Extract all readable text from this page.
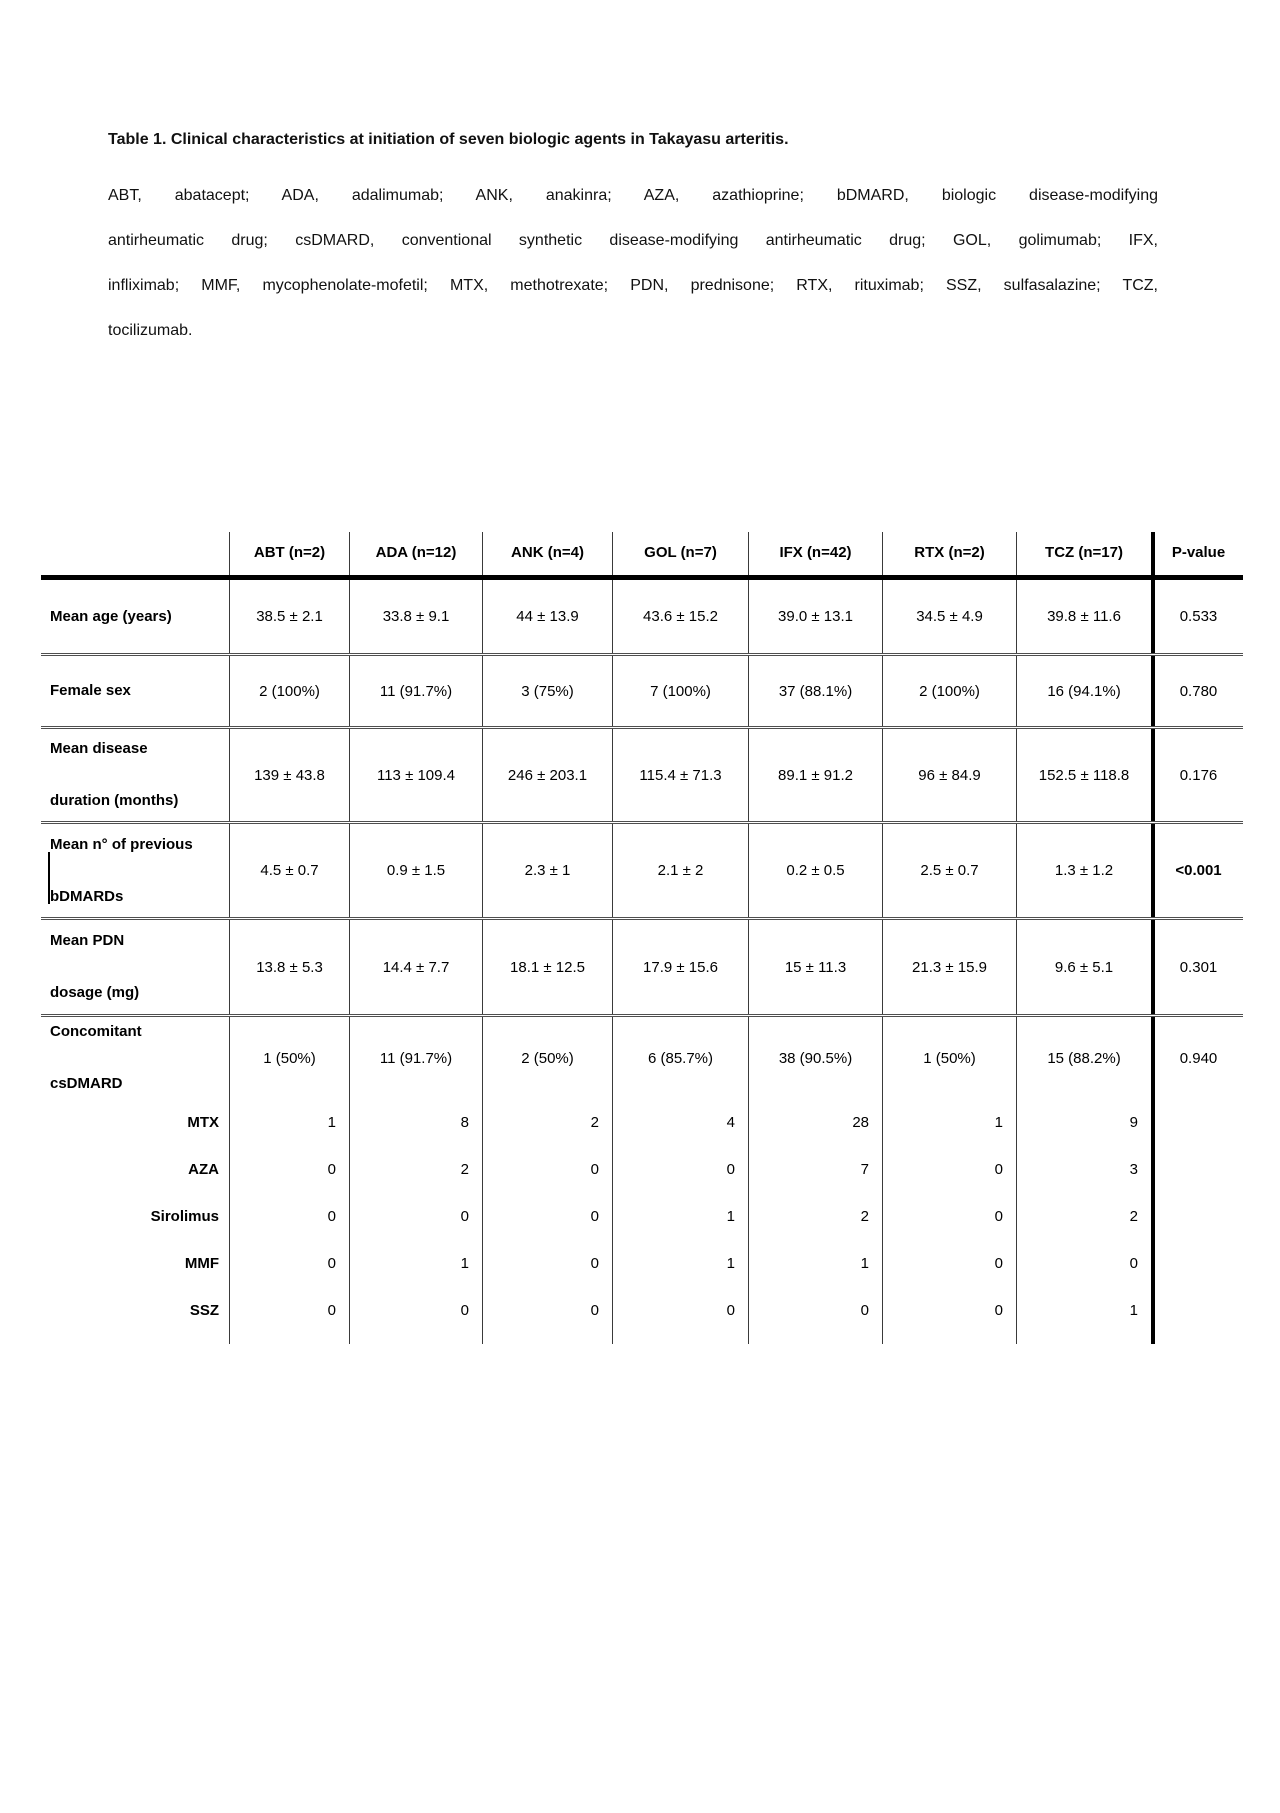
Table 1. Clinical characteristics at initiation of seven biologic agents in Takayasu arteritis.
ABT, abatacept; ADA, adalimumab; ANK, anakinra; AZA, azathioprine; bDMARD, biologic disease-modifying
antirheumatic drug; csDMARD, conventional synthetic disease-modifying antirheumatic drug; GOL, golimumab; IFX,
infliximab; MMF, mycophenolate-mofetil; MTX, methotrexate; PDN, prednisone; RTX, rituximab; SSZ, sulfasalazine; TCZ,
tocilizumab.
ABT (n=2)	ADA (n=12)	ANK (n=4)	GOL (n=7)	IFX (n=42)	RTX (n=2)	TCZ (n=17)	P-value
Mean age (years)	38.5 ± 2.1	33.8 ± 9.1	44 ± 13.9	43.6 ± 15.2	39.0 ± 13.1	34.5 ± 4.9	39.8 ± 11.6	0.533
Female sex	2 (100%)	11 (91.7%)	3 (75%)	7 (100%)	37 (88.1%)	2 (100%)	16 (94.1%)	0.780
Mean disease
duration (months)
139 ± 43.8	113 ± 109.4	246 ± 203.1	115.4 ± 71.3	89.1 ± 91.2	96 ± 84.9	152.5 ± 118.8	0.176
Mean n° of previous
bDMARDs
4.5 ± 0.7	0.9 ± 1.5	2.3 ± 1	2.1 ± 2	0.2 ± 0.5	2.5 ± 0.7	1.3 ± 1.2	<0.001
Mean PDN
dosage (mg)
13.8 ± 5.3	14.4 ± 7.7	18.1 ± 12.5	17.9 ± 15.6	15 ± 11.3	21.3 ± 15.9	9.6 ± 5.1	0.301
Concomitant
csDMARD
1 (50%)	11 (91.7%)	2 (50%)	6 (85.7%)	38 (90.5%)	1 (50%)	15 (88.2%)	0.940
MTX	1	8	2	4	28	1	9
AZA	0	2	0	0	7	0	3
Sirolimus	0	0	0	1	2	0	2
MMF	0	1	0	1	1	0	0
SSZ	0	0	0	0	0	0	1
